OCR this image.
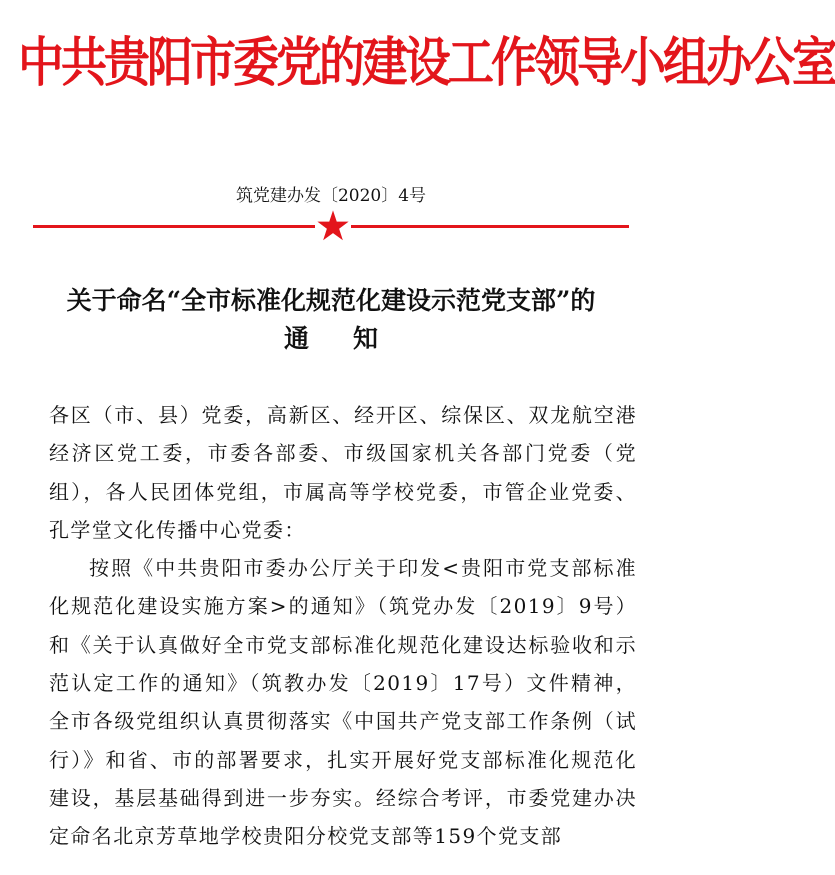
中共贵阳市委党的建设工作领导小组办公室
筑党建办发〔2020〕4号
关于命名“全市标准化规范化建设示范党支部”的
通知

各区（市、县）党委，高新区、经开区、综保区、双龙航空港经济区党工委，市委各部委、市级国家机关各部门党委（党组），各人民团体党组，市属高等学校党委，市管企业党委、孔学堂文化传播中心党委：

按照《中共贵阳市委办公厅关于印发<贵阳市党支部标准化规范化建设实施方案>的通知》（筑党办发〔2019〕9号）和《关于认真做好全市党支部标准化规范化建设达标验收和示范认定工作的通知》（筑教办发〔2019〕17号）文件精神，全市各级党组织认真贯彻落实《中国共产党支部工作条例（试行）》和省、市的部署要求，扎实开展好党支部标准化规范化建设，基层基础得到进一步夯实。经综合考评，市委党建办决定命名北京芳草地学校贵阳分校党支部等159个党支部
